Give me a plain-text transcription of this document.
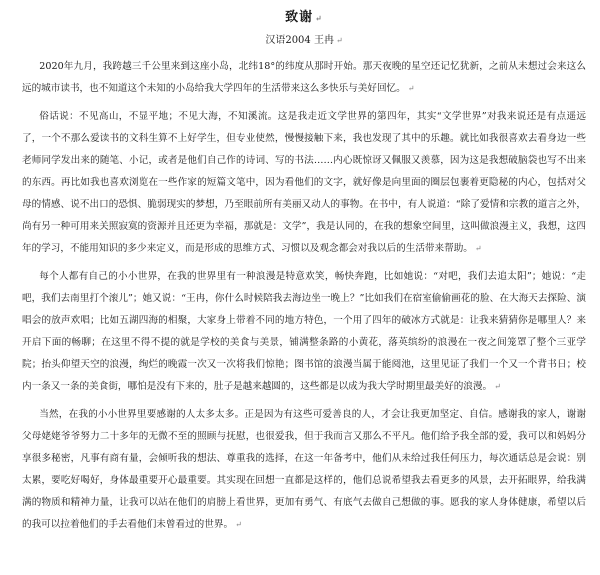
致谢 ↵
汉语2004 王冉 ↵

2020年九月，我跨越三千公里来到这座小岛，北纬18°的纬度从那时开始。那天夜晚的星空还记忆犹新，之前从未想过会来这么远的城市读书，也不知道这个未知的小岛给我大学四年的生活带来这么多快乐与美好回忆。 ↵

俗话说：不见高山，不显平地；不见大海，不知溪流。这是我走近文学世界的第四年，其实“文学世界”对我来说还是有点遥远了，一个不那么爱读书的文科生算不上好学生，但专业使然，慢慢接触下来，我也发现了其中的乐趣。就比如我很喜欢去看身边一些老师同学发出来的随笔、小记，或者是他们自己作的诗词、写的书法……内心既惊讶又佩服又羡慕，因为这是我想破脑袋也写不出来的东西。再比如我也喜欢浏览在一些作家的短篇文笔中，因为看他们的文字，就好像是向里面的圈层包裹着更隐秘的内心，包括对父母的情感、说不出口的恐惧、脆弱现实的梦想，乃至眼前所有美丽又动人的事物。在书中，有人说道：“除了爱情和宗教的道言之外，尚有另一种可用来关照寂寞的资源并且还更为幸福，那就是：文学”，我是认同的，在我的想象空间里，这叫做浪漫主义，我想，这四年的学习，不能用知识的多少来定义，而是形成的思维方式、习惯以及观念都会对我以后的生活带来帮助。 ↵

每个人都有自己的小小世界，在我的世界里有一种浪漫是特意欢笑，畅快奔跑，比如她说：“对吧，我们去追太阳”；她说：“走吧，我们去南里打个滚儿”；她又说：“王冉，你什么时候陪我去海边坐一晚上？”比如我们在宿室偷偷画花的脸、在大海天去探险、演唱会的放声欢唱；比如五湖四海的相聚，大家身上带着不同的地方特色，一个用了四年的破冰方式就是：让我来猜猜你是哪里人？来开启下面的畅聊；在这里不得不提的就是学校的美食与美景，铺满整条路的小黄花，落英缤纷的浪漫在一夜之间笼罩了整个三亚学院；抬头仰望天空的浪漫，绚烂的晚霞一次又一次将我们惊艳；图书馆的浪漫当属于能阅池，这里见证了我们一个又一个背书日；校内一条又一条的美食街，哪怕是没有下来的，肚子是越来越圆的，这些都是以成为我大学时期里最美好的浪漫。 ↵

当然，在我的小小世界里要感谢的人太多太多。正是因为有这些可爱善良的人，才会让我更加坚定、自信。感谢我的家人，谢谢父母姥姥爷爷努力二十多年的无微不至的照顾与抚慰，也很爱我，但于我而言又那么不平凡。他们给予我全部的爱，我可以和妈妈分享很多秘密，凡事有商有量，会倾听我的想法、尊重我的选择，在这一年备考中，他们从未给过我任何压力，每次通话总是会说：别太累，要吃好喝好，身体最重要开心最重要。其实现在回想一直都是这样的，他们总说希望我去看更多的风景，去开拓眼界，给我满满的物质和精神力量，让我可以站在他们的肩膀上看世界，更加有勇气、有底气去做自己想做的事。愿我的家人身体健康，希望以后的我可以拉着他们的手去看他们未曾看过的世界。 ↵
